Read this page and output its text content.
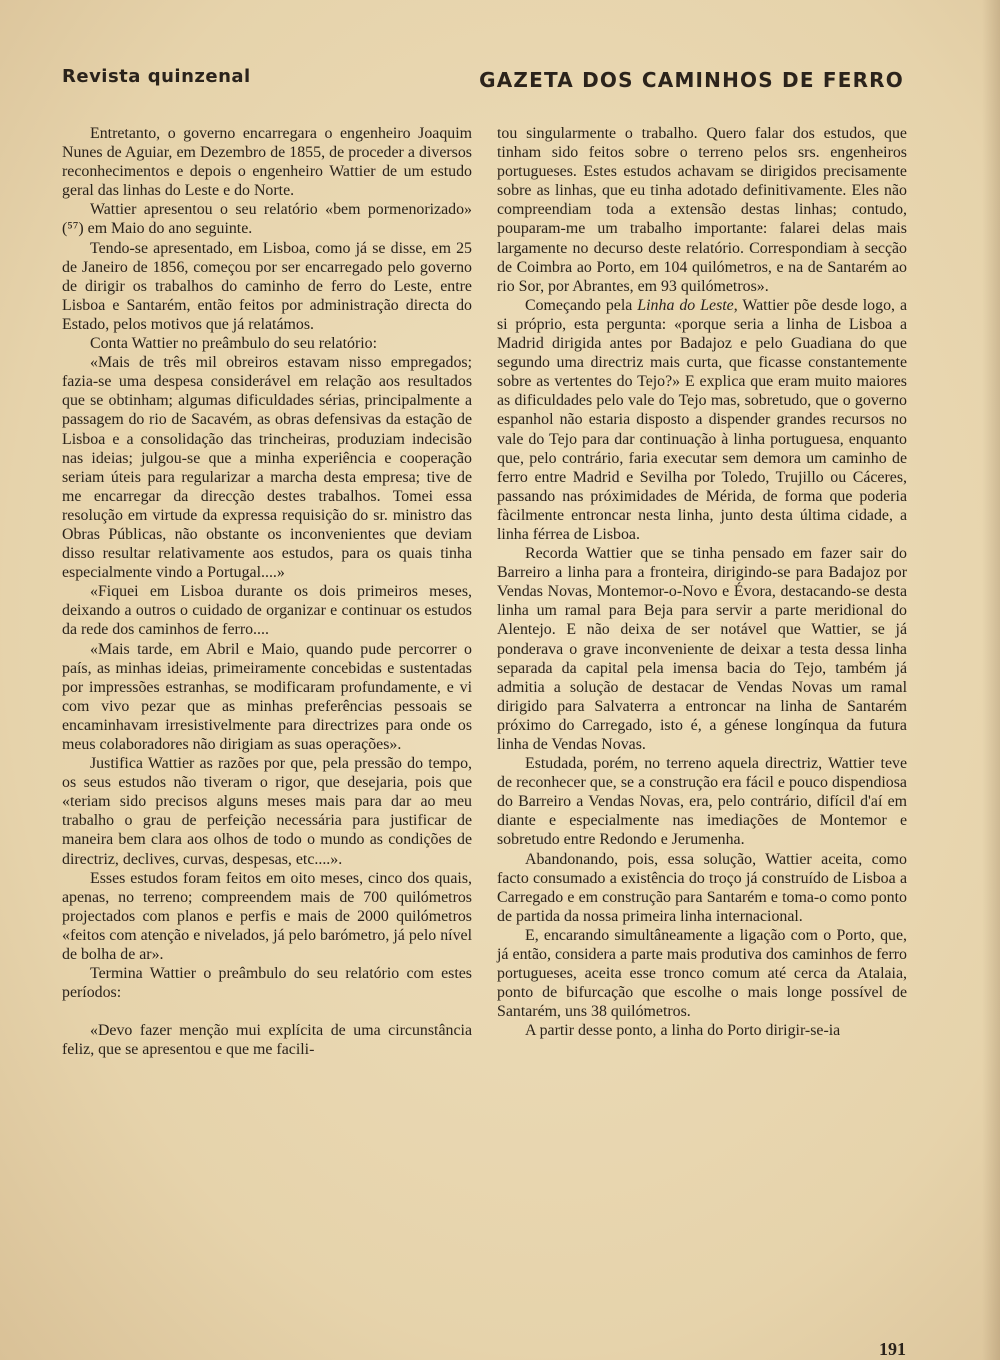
Revista quinzenal	GAZETA DOS CAMINHOS DE FERRO

Entretanto, o governo encarregara o engenheiro Joaquim Nunes de Aguiar, em Dezembro de 1855, de proceder a diversos reconhecimentos e depois o engenheiro Wattier de um estudo geral das linhas do Leste e do Norte.

Wattier apresentou o seu relatório «bem pormenorizado» (⁵⁷) em Maio do ano seguinte.

Tendo-se apresentado, em Lisboa, como já se disse, em 25 de Janeiro de 1856, começou por ser encarregado pelo governo de dirigir os trabalhos do caminho de ferro do Leste, entre Lisboa e Santarém, então feitos por administração directa do Estado, pelos motivos que já relatámos.

Conta Wattier no preâmbulo do seu relatório:

«Mais de três mil obreiros estavam nisso empregados; fazia-se uma despesa considerável em relação aos resultados que se obtinham; algumas dificuldades sérias, principalmente a passagem do rio de Sacavém, as obras defensivas da estação de Lisboa e a consolidação das trincheiras, produziam indecisão nas ideias; julgou-se que a minha experiência e cooperação seriam úteis para regularizar a marcha desta empresa; tive de me encarregar da direcção destes trabalhos. Tomei essa resolução em virtude da expressa requisição do sr. ministro das Obras Públicas, não obstante os inconvenientes que deviam disso resultar relativamente aos estudos, para os quais tinha especialmente vindo a Portugal....»

«Fiquei em Lisboa durante os dois primeiros meses, deixando a outros o cuidado de organizar e continuar os estudos da rede dos caminhos de ferro....

«Mais tarde, em Abril e Maio, quando pude percorrer o país, as minhas ideias, primeiramente concebidas e sustentadas por impressões estranhas, se modificaram profundamente, e vi com vivo pezar que as minhas preferências pessoais se encaminhavam irresistivelmente para directrizes para onde os meus colaboradores não dirigiam as suas operações».

Justifica Wattier as razões por que, pela pressão do tempo, os seus estudos não tiveram o rigor, que desejaria, pois que «teriam sido precisos alguns meses mais para dar ao meu trabalho o grau de perfeição necessária para justificar de maneira bem clara aos olhos de todo o mundo as condições de directriz, declives, curvas, despesas, etc....».

Esses estudos foram feitos em oito meses, cinco dos quais, apenas, no terreno; compreendem mais de 700 quilómetros projectados com planos e perfis e mais de 2000 quilómetros «feitos com atenção e nivelados, já pelo barómetro, já pelo nível de bolha de ar».

Termina Wattier o preâmbulo do seu relatório com estes períodos:

«Devo fazer menção mui explícita de uma circunstância feliz, que se apresentou e que me facili-

tou singularmente o trabalho. Quero falar dos estudos, que tinham sido feitos sobre o terreno pelos srs. engenheiros portugueses. Estes estudos achavam se dirigidos precisamente sobre as linhas, que eu tinha adotado definitivamente. Eles não compreendiam toda a extensão destas linhas; contudo, pouparam-me um trabalho importante: falarei delas mais largamente no decurso deste relatório. Correspondiam à secção de Coimbra ao Porto, em 104 quilómetros, e na de Santarém ao rio Sor, por Abrantes, em 93 quilómetros».

Começando pela Linha do Leste, Wattier põe desde logo, a si próprio, esta pergunta: «porque seria a linha de Lisboa a Madrid dirigida antes por Badajoz e pelo Guadiana do que segundo uma directriz mais curta, que ficasse constantemente sobre as vertentes do Tejo?» E explica que eram muito maiores as dificuldades pelo vale do Tejo mas, sobretudo, que o governo espanhol não estaria disposto a dispender grandes recursos no vale do Tejo para dar continuação à linha portuguesa, enquanto que, pelo contrário, faria executar sem demora um caminho de ferro entre Madrid e Sevilha por Toledo, Trujillo ou Cáceres, passando nas próximidades de Mérida, de forma que poderia fàcilmente entroncar nesta linha, junto desta última cidade, a linha férrea de Lisboa.

Recorda Wattier que se tinha pensado em fazer sair do Barreiro a linha para a fronteira, dirigindo-se para Badajoz por Vendas Novas, Montemor-o-Novo e Évora, destacando-se desta linha um ramal para Beja para servir a parte meridional do Alentejo. E não deixa de ser notável que Wattier, se já ponderava o grave inconveniente de deixar a testa dessa linha separada da capital pela imensa bacia do Tejo, também já admitia a solução de destacar de Vendas Novas um ramal dirigido para Salvaterra a entroncar na linha de Santarém próximo do Carregado, isto é, a génese longínqua da futura linha de Vendas Novas.

Estudada, porém, no terreno aquela directriz, Wattier teve de reconhecer que, se a construção era fácil e pouco dispendiosa do Barreiro a Vendas Novas, era, pelo contrário, difícil d'aí em diante e especialmente nas imediações de Montemor e sobretudo entre Redondo e Jerumenha.

Abandonando, pois, essa solução, Wattier aceita, como facto consumado a existência do troço já construído de Lisboa a Carregado e em construção para Santarém e toma-o como ponto de partida da nossa primeira linha internacional.

E, encarando simultâneamente a ligação com o Porto, que, já então, considera a parte mais produtiva dos caminhos de ferro portugueses, aceita esse tronco comum até cerca da Atalaia, ponto de bifurcação que escolhe o mais longe possível de Santarém, uns 38 quilómetros.

A partir desse ponto, a linha do Porto dirigir-se-ia

191
